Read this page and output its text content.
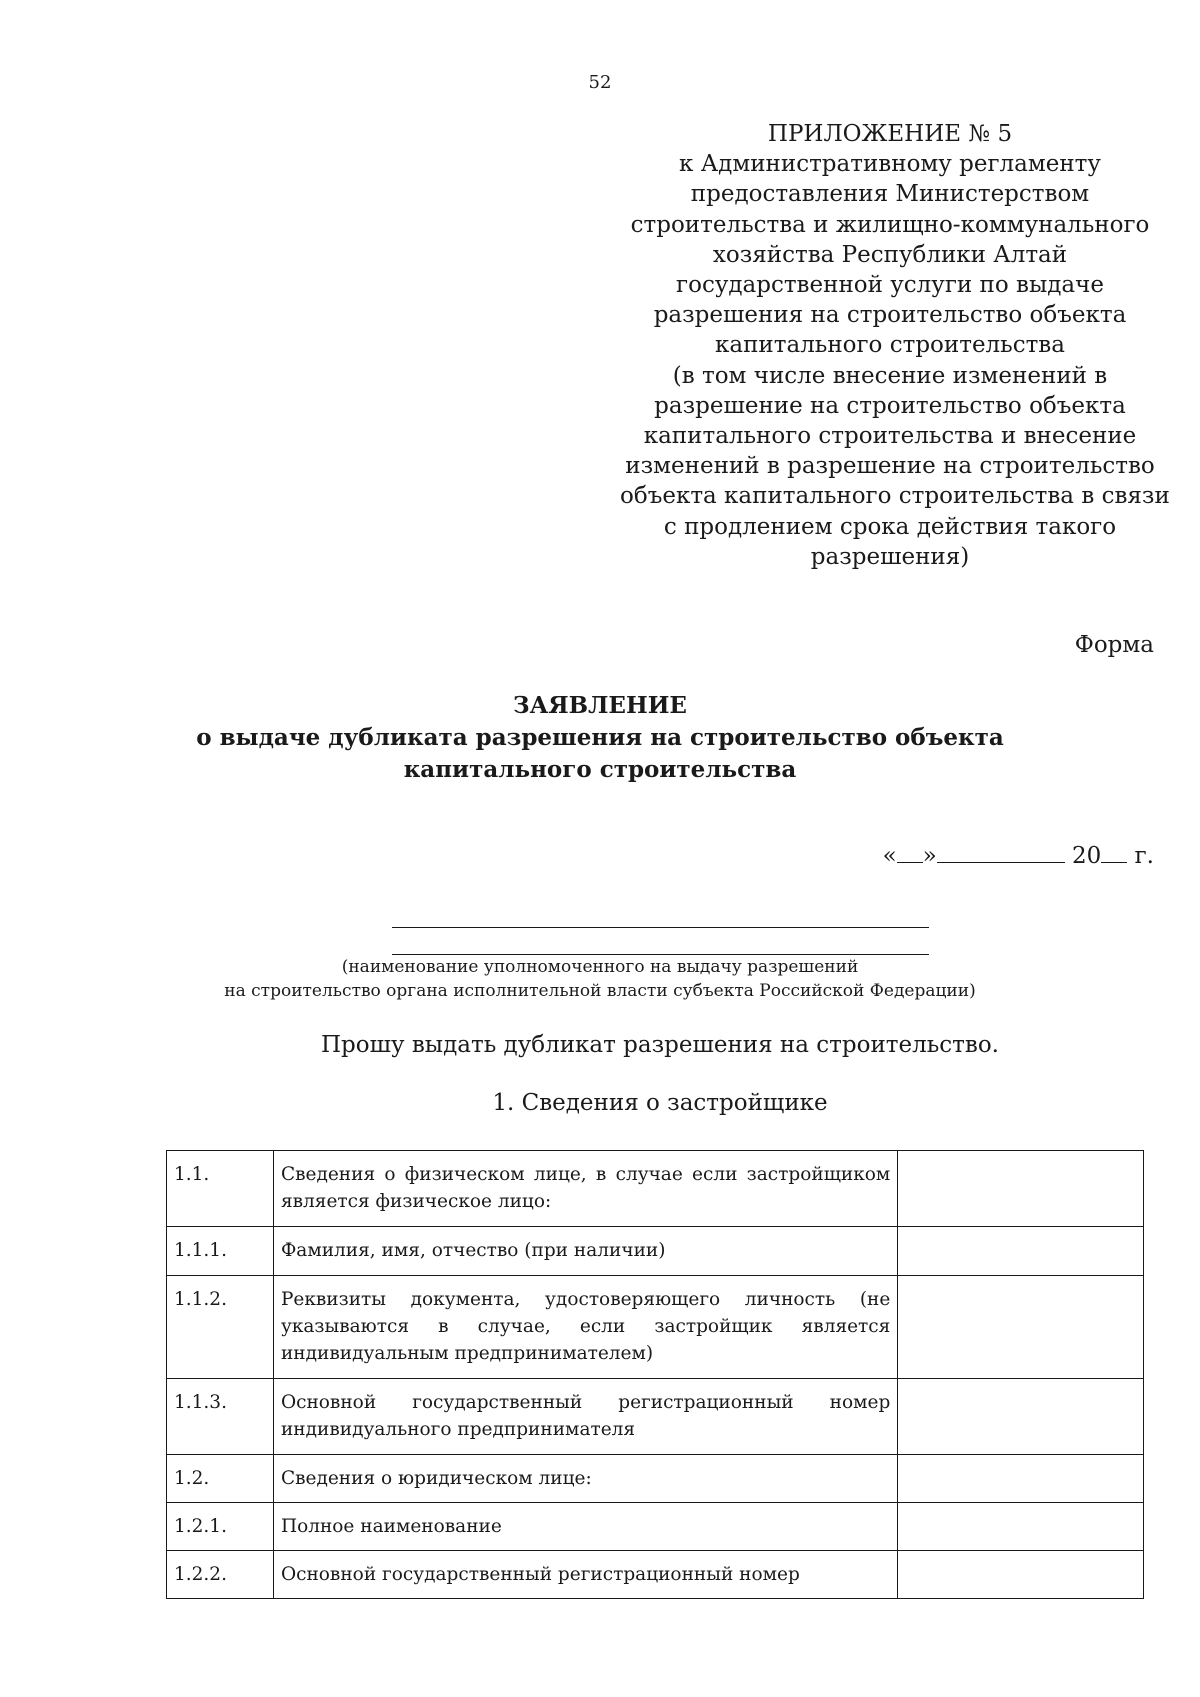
52
ПРИЛОЖЕНИЕ № 5
к Административному регламенту
предоставления Министерством
строительства и жилищно-коммунального
хозяйства Республики Алтай
государственной услуги по выдаче
разрешения на строительство объекта
капитального строительства
(в том числе внесение изменений в
разрешение на строительство объекта
капитального строительства и внесение
изменений в разрешение на строительство
объекта капитального строительства в связи
с продлением срока действия такого
разрешения)
Форма
ЗАЯВЛЕНИЕ
о выдаче дубликата разрешения на строительство объекта
капитального строительства
« »	20 г.
(наименование уполномоченного на выдачу разрешений
на строительство органа исполнительной власти субъекта Российской Федерации)
Прошу выдать дубликат разрешения на строительство.
1. Сведения о застройщике
1.1.	Сведения о физическом лице, в случае если застройщиком является физическое лицо:	
1.1.1.	Фамилия, имя, отчество (при наличии)	
1.1.2.	Реквизиты документа, удостоверяющего личность (не указываются в случае, если застройщик является индивидуальным предпринимателем)	
1.1.3.	Основной государственный регистрационный номер индивидуального предпринимателя	
1.2.	Сведения о юридическом лице:	
1.2.1.	Полное наименование	
1.2.2.	Основной государственный регистрационный номер	
